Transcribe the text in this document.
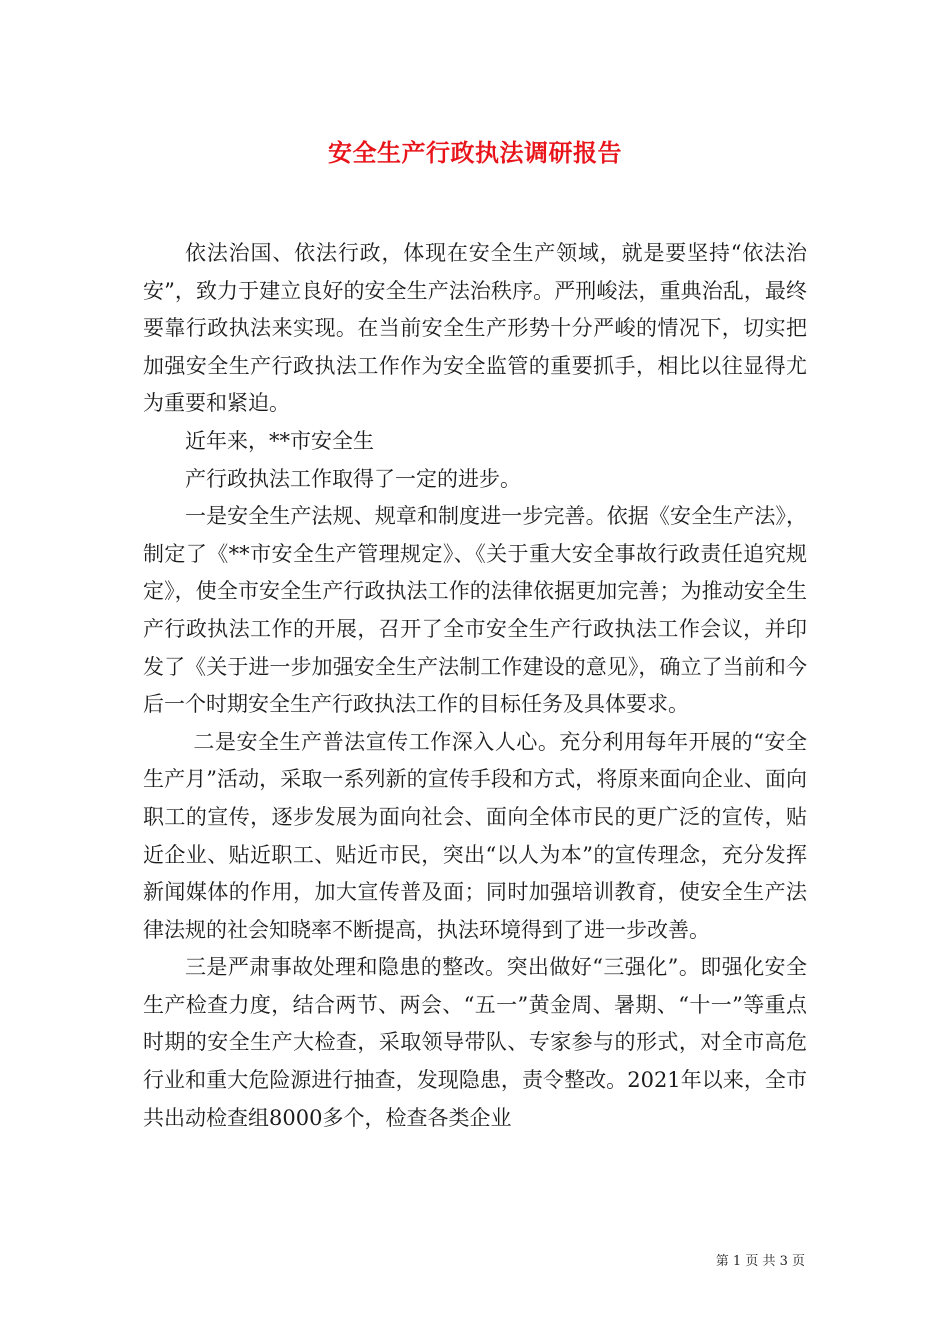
安全生产行政执法调研报告

依法治国、依法行政，体现在安全生产领域，就是要坚持“依法治安”，致力于建立良好的安全生产法治秩序。严刑峻法，重典治乱，最终要靠行政执法来实现。在当前安全生产形势十分严峻的情况下，切实把加强安全生产行政执法工作作为安全监管的重要抓手，相比以往显得尤为重要和紧迫。

近年来，**市安全生

产行政执法工作取得了一定的进步。

一是安全生产法规、规章和制度进一步完善。依据《安全生产法》，制定了《**市安全生产管理规定》、《关于重大安全事故行政责任追究规定》，使全市安全生产行政执法工作的法律依据更加完善；为推动安全生产行政执法工作的开展，召开了全市安全生产行政执法工作会议，并印发了《关于进一步加强安全生产法制工作建设的意见》，确立了当前和今后一个时期安全生产行政执法工作的目标任务及具体要求。

二是安全生产普法宣传工作深入人心。充分利用每年开展的“安全生产月”活动，采取一系列新的宣传手段和方式，将原来面向企业、面向职工的宣传，逐步发展为面向社会、面向全体市民的更广泛的宣传，贴近企业、贴近职工、贴近市民，突出“以人为本”的宣传理念，充分发挥新闻媒体的作用，加大宣传普及面；同时加强培训教育，使安全生产法律法规的社会知晓率不断提高，执法环境得到了进一步改善。

三是严肃事故处理和隐患的整改。突出做好“三强化”。即强化安全生产检查力度，结合两节、两会、“五一”黄金周、暑期、“十一”等重点时期的安全生产大检查，采取领导带队、专家参与的形式，对全市高危行业和重大危险源进行抽查，发现隐患，责令整改。2021年以来，全市共出动检查组8000多个，检查各类企业

第 1 页 共 3 页
